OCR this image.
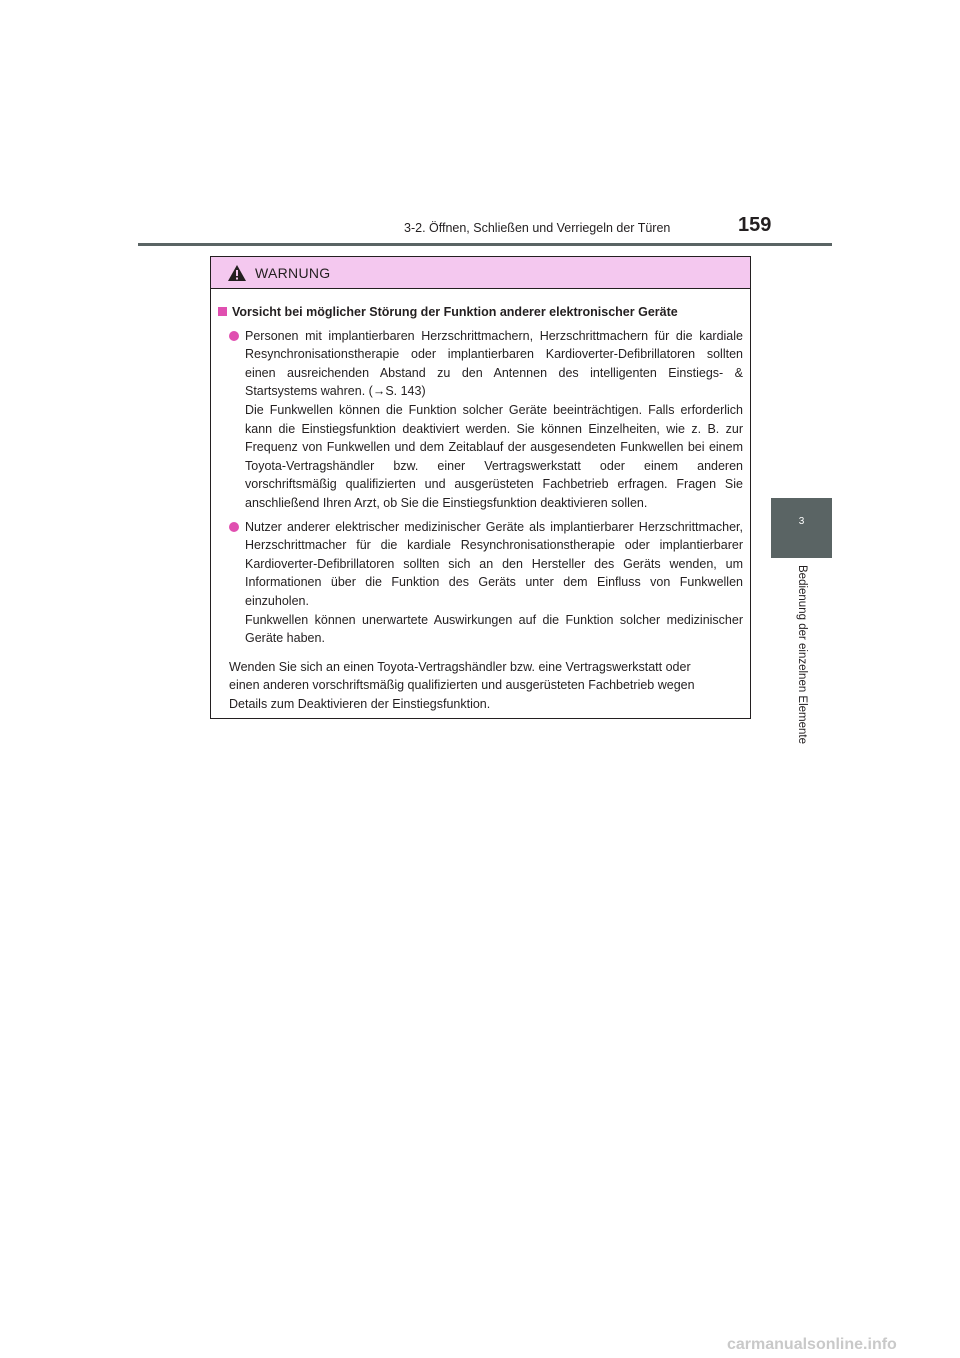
3-2. Öffnen, Schließen und Verriegeln der Türen	159
3
Bedienung der einzelnen Elemente
WARNUNG
Vorsicht bei möglicher Störung der Funktion anderer elektronischer Geräte

Personen mit implantierbaren Herzschrittmachern, Herzschrittmachern für die kardiale Resynchronisationstherapie oder implantierbaren Kardioverter-Defibrillatoren sollten einen ausreichenden Abstand zu den Antennen des intelligenten Einstiegs- & Startsystems wahren. (→S. 143)

Die Funkwellen können die Funktion solcher Geräte beeinträchtigen. Falls erforderlich kann die Einstiegsfunktion deaktiviert werden. Sie können Einzelheiten, wie z. B. zur Frequenz von Funkwellen und dem Zeitablauf der ausgesendeten Funkwellen bei einem Toyota-Vertragshändler bzw. einer Vertragswerkstatt oder einem anderen vorschriftsmäßig qualifizierten und ausgerüsteten Fachbetrieb erfragen. Fragen Sie anschließend Ihren Arzt, ob Sie die Einstiegsfunktion deaktivieren sollen.

Nutzer anderer elektrischer medizinischer Geräte als implantierbarer Herzschrittmacher, Herzschrittmacher für die kardiale Resynchronisationstherapie oder implantierbarer Kardioverter-Defibrillatoren sollten sich an den Hersteller des Geräts wenden, um Informationen über die Funktion des Geräts unter dem Einfluss von Funkwellen einzuholen.

Funkwellen können unerwartete Auswirkungen auf die Funktion solcher medizinischer Geräte haben.

Wenden Sie sich an einen Toyota-Vertragshändler bzw. eine Vertragswerkstatt oder

einen anderen vorschriftsmäßig qualifizierten und ausgerüsteten Fachbetrieb wegen

Details zum Deaktivieren der Einstiegsfunktion.

carmanualsonline.info
